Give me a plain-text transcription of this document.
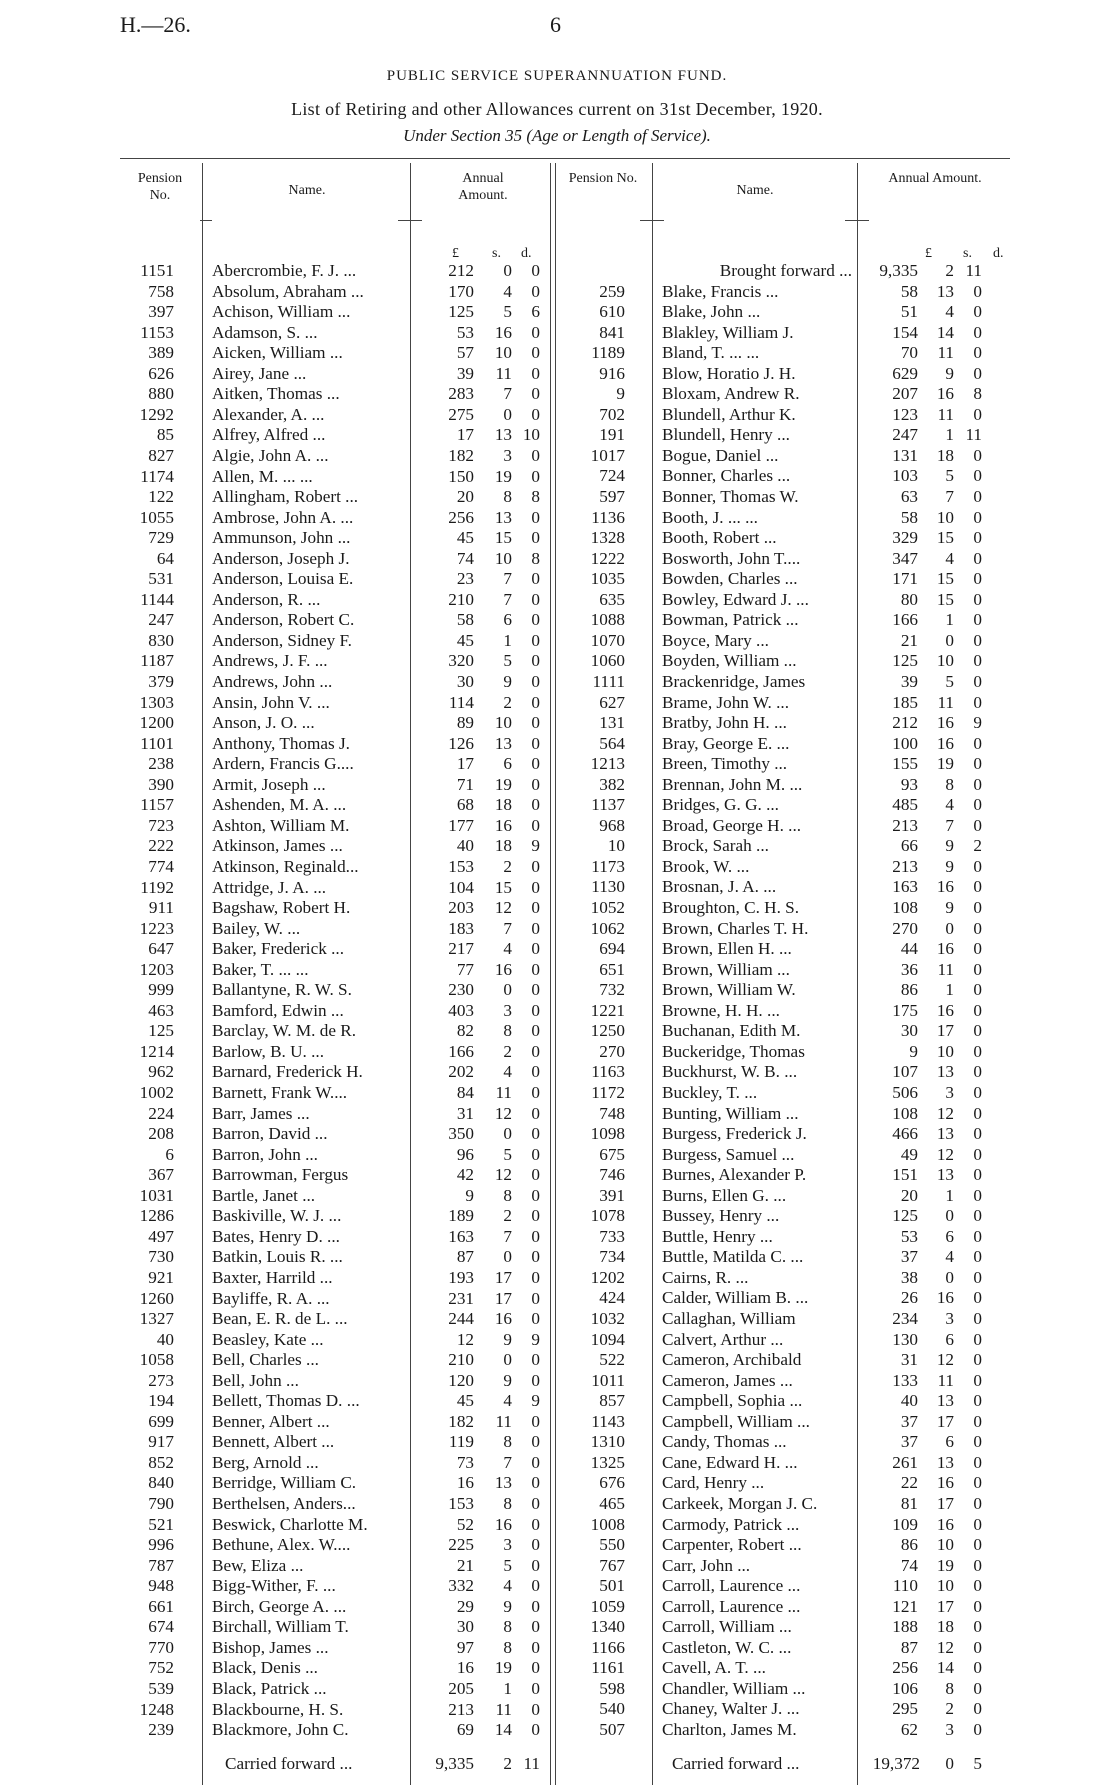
H.—26.	6
PUBLIC SERVICE SUPERANNUATION FUND.
List of Retiring and other Allowances current on 31st December, 1920.
Under Section 35 (Age or Length of Service).
Pension No.	Name.
Annual Amount.
Pension No.
Name.
Annual Amount.
£ s. d.	£ s. d.
Brought forward ...	9,335	2 11
1151 Abercrombie, F. J. ...	212	0	0
758 Absolum, Abraham ...	170	4	0
397 Achison, William ...	125	5	6
1153 Adamson, S. ...	53	16	0
389 Aicken, William ...	57	10	0
626 Airey, Jane ...	39	11	0
880 Aitken, Thomas ...	283	7	0
1292 Alexander, A. ...	275	0	0
85 Alfrey, Alfred ...	17	13 10
827 Algie, John A. ...	182	3	0
1174 Allen, M. ... ...	150	19	0
122 Allingham, Robert ...	20	8	8
1055 Ambrose, John A. ...	256	13	0
729 Ammunson, John ...	45	15	0
64 Anderson, Joseph J.	74	10	8
531 Anderson, Louisa E.	23	7	0
1144 Anderson, R. ...	210	7	0
247 Anderson, Robert C.	58	6	0
830 Anderson, Sidney F.	45	1	0
1187 Andrews, J. F. ...	320	5	0
379 Andrews, John ...	30	9	0
1303 Ansin, John V. ...	114	2	0
1200 Anson, J. O. ...	89	10	0
1101 Anthony, Thomas J.	126	13	0
238 Ardern, Francis G....	17	6	0
390 Armit, Joseph ...	71	19	0
1157 Ashenden, M. A. ...	68	18	0
723 Ashton, William M.	177	16	0
222 Atkinson, James ...	40	18	9
774 Atkinson, Reginald...	153	2	0
1192 Attridge, J. A. ...	104	15	0
911 Bagshaw, Robert H.	203	12	0
1223 Bailey, W. ...	183	7	0
647 Baker, Frederick ...	217	4	0
1203 Baker, T. ... ...	77	16	0
999 Ballantyne, R. W. S.	230	0	0
463 Bamford, Edwin ...	403	3	0
125 Barclay, W. M. de R.	82	8	0
1214 Barlow, B. U. ...	166	2	0
962 Barnard, Frederick H.	202	4	0
1002 Barnett, Frank W....	84	11	0
224 Barr, James ...	31	12	0
208 Barron, David ...	350	0	0
6 Barron, John ...	96	5	0
367 Barrowman, Fergus	42	12	0
1031 Bartle, Janet ...	9	8	0
1286 Baskiville, W. J. ...	189	2	0
497 Bates, Henry D. ...	163	7	0
730 Batkin, Louis R. ...	87	0	0
921 Baxter, Harrild ...	193	17	0
1260 Bayliffe, R. A. ...	231	17	0
1327 Bean, E. R. de L. ...	244	16	0
40 Beasley, Kate ...	12	9	9
1058 Bell, Charles ...	210	0	0
273 Bell, John ...	120	9	0
194 Bellett, Thomas D. ...	45	4	9
699 Benner, Albert ...	182	11	0
917 Bennett, Albert ...	119	8	0
852 Berg, Arnold ...	73	7	0
840 Berridge, William C.	16	13	0
790 Berthelsen, Anders...	153	8	0
521 Beswick, Charlotte M.	52	16	0
996 Bethune, Alex. W....	225	3	0
787 Bew, Eliza ...	21	5	0
948 Bigg-Wither, F. ...	332	4	0
661 Birch, George A. ...	29	9	0
674 Birchall, William T.	30	8	0
770 Bishop, James ...	97	8	0
752 Black, Denis ...	16	19	0
539 Black, Patrick ...	205	1	0
1248 Blackbourne, H. S.	213	11	0
239 Blackmore, John C.	69	14	0
259 Blake, Francis ...	58	13	0
610 Blake, John ...	51	4	0
841 Blakley, William J.	154	14	0
1189 Bland, T. ... ...	70	11	0
916 Blow, Horatio J. H.	629	9	0
9 Bloxam, Andrew R.	207	16	8
702 Blundell, Arthur K.	123	11	0
191 Blundell, Henry ...	247	1 11
1017 Bogue, Daniel ...	131	18	0
724 Bonner, Charles ...	103	5	0
597 Bonner, Thomas W.	63	7	0
1136 Booth, J. ... ...	58	10	0
1328 Booth, Robert ...	329	15	0
1222 Bosworth, John T....	347	4	0
1035 Bowden, Charles ...	171	15	0
635 Bowley, Edward J. ...	80	15	0
1088 Bowman, Patrick ...	166	1	0
1070 Boyce, Mary ...	21	0	0
1060 Boyden, William ...	125	10	0
1111 Brackenridge, James	39	5	0
627 Brame, John W. ...	185	11	0
131 Bratby, John H. ...	212	16	9
564 Bray, George E. ...	100	16	0
1213 Breen, Timothy ...	155	19	0
382 Brennan, John M. ...	93	8	0
1137 Bridges, G. G. ...	485	4	0
968 Broad, George H. ...	213	7	0
10 Brock, Sarah ...	66	9	2
1173 Brook, W. ...	213	9	0
1130 Brosnan, J. A. ...	163	16	0
1052 Broughton, C. H. S.	108	9	0
1062 Brown, Charles T. H.	270	0	0
694 Brown, Ellen H. ...	44	16	0
651 Brown, William ...	36	11	0
732 Brown, William W.	86	1	0
1221 Browne, H. H. ...	175	16	0
1250 Buchanan, Edith M.	30	17	0
270 Buckeridge, Thomas	9	10	0
1163 Buckhurst, W. B. ...	107	13	0
1172 Buckley, T. ...	506	3	0
748 Bunting, William ...	108	12	0
1098 Burgess, Frederick J.	466	13	0
675 Burgess, Samuel ...	49	12	0
746 Burnes, Alexander P.	151	13	0
391 Burns, Ellen G. ...	20	1	0
1078 Bussey, Henry ...	125	0	0
733 Buttle, Henry ...	53	6	0
734 Buttle, Matilda C. ...	37	4	0
1202 Cairns, R. ...	38	0	0
424 Calder, William B. ...	26	16	0
1032 Callaghan, William	234	3	0
1094 Calvert, Arthur ...	130	6	0
522 Cameron, Archibald	31	12	0
1011 Cameron, James ...	133	11	0
857 Campbell, Sophia ...	40	13	0
1143 Campbell, William ...	37	17	0
1310 Candy, Thomas ...	37	6	0
1325 Cane, Edward H. ...	261	13	0
676 Card, Henry ...	22	16	0
465 Carkeek, Morgan J. C.	81	17	0
1008 Carmody, Patrick ...	109	16	0
550 Carpenter, Robert ...	86	10	0
767 Carr, John ...	74	19	0
501 Carroll, Laurence ...	110	10	0
1059 Carroll, Laurence ...	121	17	0
1340 Carroll, William ...	188	18	0
1166 Castleton, W. C. ...	87	12	0
1161 Cavell, A. T. ...	256	14	0
598 Chandler, William ...	106	8	0
540 Chaney, Walter J. ...	295	2	0
507 Charlton, James M.	62	3	0
Carried forward ...	9,335	2 11	Carried forward ...	19,372	0	5
